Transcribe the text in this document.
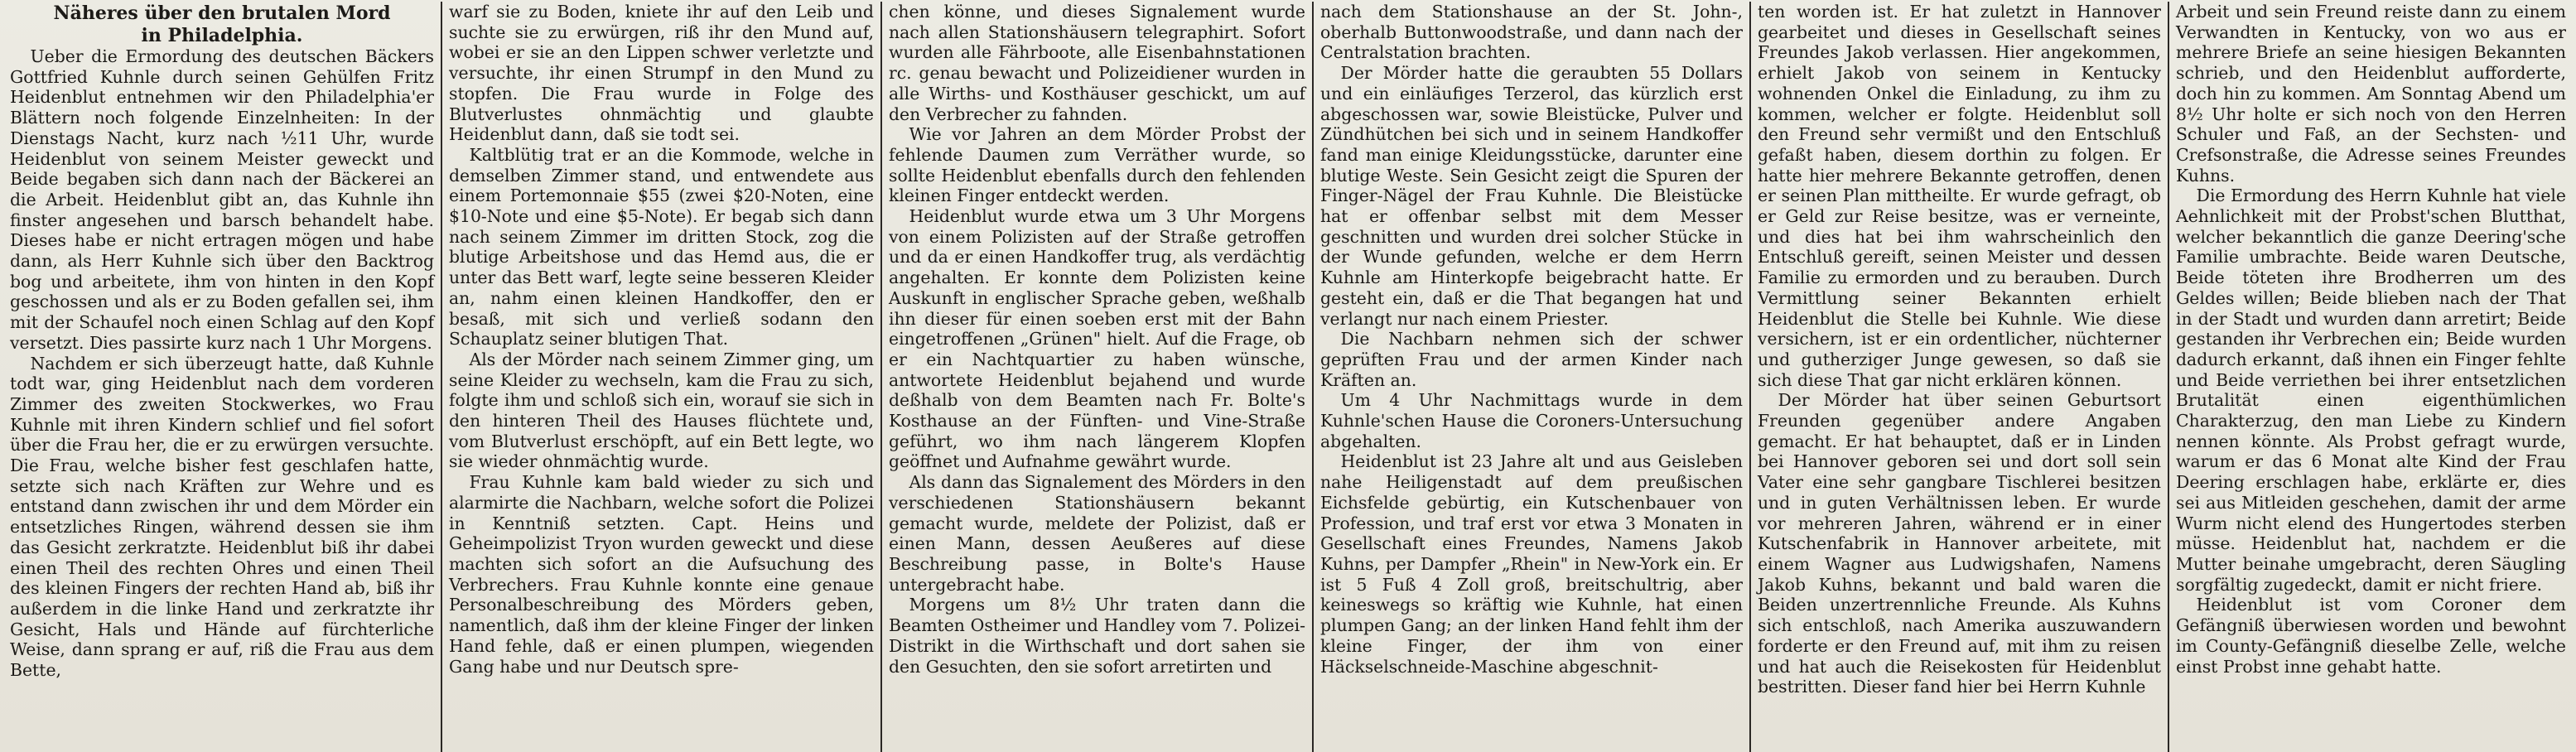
Näheres über den brutalen Mord
in Philadelphia.

Ueber die Ermordung des deutschen Bäckers Gottfried Kuhnle durch seinen Gehülfen Fritz Heidenblut entnehmen wir den Philadelphia'er Blättern noch folgende Einzelnheiten: In der Dienstags Nacht, kurz nach ½11 Uhr, wurde Heidenblut von seinem Meister geweckt und Beide begaben sich dann nach der Bäckerei an die Arbeit. Heidenblut gibt an, das Kuhnle ihn finster angesehen und barsch behandelt habe. Dieses habe er nicht ertragen mögen und habe dann, als Herr Kuhnle sich über den Backtrog bog und arbeitete, ihm von hinten in den Kopf geschossen und als er zu Boden gefallen sei, ihm mit der Schaufel noch einen Schlag auf den Kopf versetzt. Dies passirte kurz nach 1 Uhr Morgens.

Nachdem er sich überzeugt hatte, daß Kuhnle todt war, ging Heidenblut nach dem vorderen Zimmer des zweiten Stockwerkes, wo Frau Kuhnle mit ihren Kindern schlief und fiel sofort über die Frau her, die er zu erwürgen versuchte. Die Frau, welche bisher fest geschlafen hatte, setzte sich nach Kräften zur Wehre und es entstand dann zwischen ihr und dem Mörder ein entsetzliches Ringen, während dessen sie ihm das Gesicht zerkratzte. Heidenblut biß ihr dabei einen Theil des rechten Ohres und einen Theil des kleinen Fingers der rechten Hand ab, biß ihr außerdem in die linke Hand und zerkratzte ihr Gesicht, Hals und Hände auf fürchterliche Weise, dann sprang er auf, riß die Frau aus dem Bette,

warf sie zu Boden, kniete ihr auf den Leib und suchte sie zu erwürgen, riß ihr den Mund auf, wobei er sie an den Lippen schwer verletzte und versuchte, ihr einen Strumpf in den Mund zu stopfen. Die Frau wurde in Folge des Blutverlustes ohnmächtig und glaubte Heidenblut dann, daß sie todt sei.

Kaltblütig trat er an die Kommode, welche in demselben Zimmer stand, und entwendete aus einem Portemonnaie $55 (zwei $20-Noten, eine $10-Note und eine $5-Note). Er begab sich dann nach seinem Zimmer im dritten Stock, zog die blutige Arbeitshose und das Hemd aus, die er unter das Bett warf, legte seine besseren Kleider an, nahm einen kleinen Handkoffer, den er besaß, mit sich und verließ sodann den Schauplatz seiner blutigen That.

Als der Mörder nach seinem Zimmer ging, um seine Kleider zu wechseln, kam die Frau zu sich, folgte ihm und schloß sich ein, worauf sie sich in den hinteren Theil des Hauses flüchtete und, vom Blutverlust erschöpft, auf ein Bett legte, wo sie wieder ohnmächtig wurde.

Frau Kuhnle kam bald wieder zu sich und alarmirte die Nachbarn, welche sofort die Polizei in Kenntniß setzten. Capt. Heins und Geheimpolizist Tryon wurden geweckt und diese machten sich sofort an die Aufsuchung des Verbrechers. Frau Kuhnle konnte eine genaue Personalbeschreibung des Mörders geben, namentlich, daß ihm der kleine Finger der linken Hand fehle, daß er einen plumpen, wiegenden Gang habe und nur Deutsch spre-

chen könne, und dieses Signalement wurde nach allen Stationshäusern telegraphirt. Sofort wurden alle Fährboote, alle Eisenbahnstationen rc. genau bewacht und Polizeidiener wurden in alle Wirths- und Kosthäuser geschickt, um auf den Verbrecher zu fahnden.

Wie vor Jahren an dem Mörder Probst der fehlende Daumen zum Verräther wurde, so sollte Heidenblut ebenfalls durch den fehlenden kleinen Finger entdeckt werden.

Heidenblut wurde etwa um 3 Uhr Morgens von einem Polizisten auf der Straße getroffen und da er einen Handkoffer trug, als verdächtig angehalten. Er konnte dem Polizisten keine Auskunft in englischer Sprache geben, weßhalb ihn dieser für einen soeben erst mit der Bahn eingetroffenen „Grünen" hielt. Auf die Frage, ob er ein Nachtquartier zu haben wünsche, antwortete Heidenblut bejahend und wurde deßhalb von dem Beamten nach Fr. Bolte's Kosthause an der Fünften- und Vine-Straße geführt, wo ihm nach längerem Klopfen geöffnet und Aufnahme gewährt wurde.

Als dann das Signalement des Mörders in den verschiedenen Stationshäusern bekannt gemacht wurde, meldete der Polizist, daß er einen Mann, dessen Aeußeres auf diese Beschreibung passe, in Bolte's Hause untergebracht habe.

Morgens um 8½ Uhr traten dann die Beamten Ostheimer und Handley vom 7. Polizei-Distrikt in die Wirthschaft und dort sahen sie den Gesuchten, den sie sofort arretirten und

nach dem Stationshause an der St. John-, oberhalb Buttonwoodstraße, und dann nach der Centralstation brachten.

Der Mörder hatte die geraubten 55 Dollars und ein einläufiges Terzerol, das kürzlich erst abgeschossen war, sowie Bleistücke, Pulver und Zündhütchen bei sich und in seinem Handkoffer fand man einige Kleidungsstücke, darunter eine blutige Weste. Sein Gesicht zeigt die Spuren der Finger-Nägel der Frau Kuhnle. Die Bleistücke hat er offenbar selbst mit dem Messer geschnitten und wurden drei solcher Stücke in der Wunde gefunden, welche er dem Herrn Kuhnle am Hinterkopfe beigebracht hatte. Er gesteht ein, daß er die That begangen hat und verlangt nur nach einem Priester.

Die Nachbarn nehmen sich der schwer geprüften Frau und der armen Kinder nach Kräften an.

Um 4 Uhr Nachmittags wurde in dem Kuhnle'schen Hause die Coroners-Untersuchung abgehalten.

Heidenblut ist 23 Jahre alt und aus Geisleben nahe Heiligenstadt auf dem preußischen Eichsfelde gebürtig, ein Kutschenbauer von Profession, und traf erst vor etwa 3 Monaten in Gesellschaft eines Freundes, Namens Jakob Kuhns, per Dampfer „Rhein" in New-York ein. Er ist 5 Fuß 4 Zoll groß, breitschultrig, aber keineswegs so kräftig wie Kuhnle, hat einen plumpen Gang; an der linken Hand fehlt ihm der kleine Finger, der ihm von einer Häckselschneide-Maschine abgeschnit-

ten worden ist. Er hat zuletzt in Hannover gearbeitet und dieses in Gesellschaft seines Freundes Jakob verlassen. Hier angekommen, erhielt Jakob von seinem in Kentucky wohnenden Onkel die Einladung, zu ihm zu kommen, welcher er folgte. Heidenblut soll den Freund sehr vermißt und den Entschluß gefaßt haben, diesem dorthin zu folgen. Er hatte hier mehrere Bekannte getroffen, denen er seinen Plan mittheilte. Er wurde gefragt, ob er Geld zur Reise besitze, was er verneinte, und dies hat bei ihm wahrscheinlich den Entschluß gereift, seinen Meister und dessen Familie zu ermorden und zu berauben. Durch Vermittlung seiner Bekannten erhielt Heidenblut die Stelle bei Kuhnle. Wie diese versichern, ist er ein ordentlicher, nüchterner und gutherziger Junge gewesen, so daß sie sich diese That gar nicht erklären können.

Der Mörder hat über seinen Geburtsort Freunden gegenüber andere Angaben gemacht. Er hat behauptet, daß er in Linden bei Hannover geboren sei und dort soll sein Vater eine sehr gangbare Tischlerei besitzen und in guten Verhältnissen leben. Er wurde vor mehreren Jahren, während er in einer Kutschenfabrik in Hannover arbeitete, mit einem Wagner aus Ludwigshafen, Namens Jakob Kuhns, bekannt und bald waren die Beiden unzertrennliche Freunde. Als Kuhns sich entschloß, nach Amerika auszuwandern forderte er den Freund auf, mit ihm zu reisen und hat auch die Reisekosten für Heidenblut bestritten. Dieser fand hier bei Herrn Kuhnle

Arbeit und sein Freund reiste dann zu einem Verwandten in Kentucky, von wo aus er mehrere Briefe an seine hiesigen Bekannten schrieb, und den Heidenblut aufforderte, doch hin zu kommen. Am Sonntag Abend um 8½ Uhr holte er sich noch von den Herren Schuler und Faß, an der Sechsten- und Crefsonstraße, die Adresse seines Freundes Kuhns.

Die Ermordung des Herrn Kuhnle hat viele Aehnlichkeit mit der Probst'schen Blutthat, welcher bekanntlich die ganze Deering'sche Familie umbrachte. Beide waren Deutsche, Beide töteten ihre Brodherren um des Geldes willen; Beide blieben nach der That in der Stadt und wurden dann arretirt; Beide gestanden ihr Verbrechen ein; Beide wurden dadurch erkannt, daß ihnen ein Finger fehlte und Beide verriethen bei ihrer entsetzlichen Brutalität einen eigenthümlichen Charakterzug, den man Liebe zu Kindern nennen könnte. Als Probst gefragt wurde, warum er das 6 Monat alte Kind der Frau Deering erschlagen habe, erklärte er, dies sei aus Mitleiden geschehen, damit der arme Wurm nicht elend des Hungertodes sterben müsse. Heidenblut hat, nachdem er die Mutter beinahe umgebracht, deren Säugling sorgfältig zugedeckt, damit er nicht friere.

Heidenblut ist vom Coroner dem Gefängniß überwiesen worden und bewohnt im County-Gefängniß dieselbe Zelle, welche einst Probst inne gehabt hatte.
